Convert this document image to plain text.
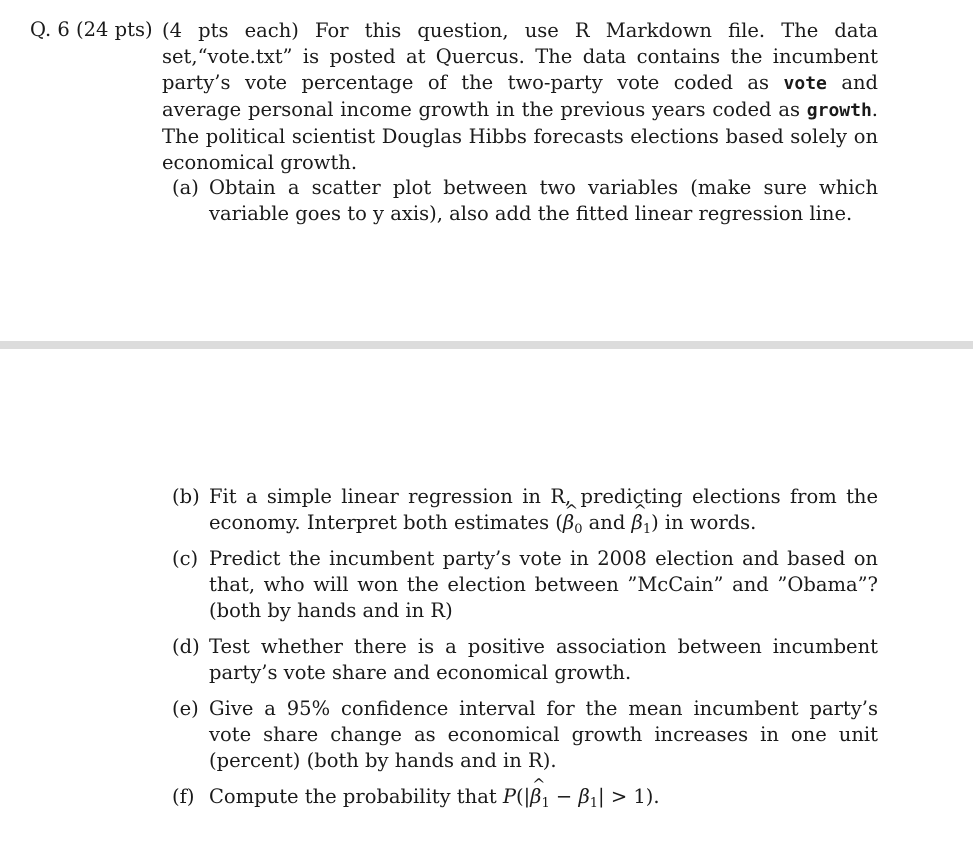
Q. 6 (24 pts) (4 pts each) For this question, use R Markdown file. The data set,“vote.txt” is posted at Quercus. The data contains the incumbent party’s vote percentage of the two-party vote coded as vote and average personal income growth in the previous years coded as growth. The political scientist Douglas Hibbs forecasts elections based solely on economical growth.
(a) Obtain a scatter plot between two variables (make sure which variable goes to y axis), also add the fitted linear regression line.
(b) Fit a simple linear regression in R, predicting elections from the economy. Interpret both estimates (^ $\beta_0$ and ^ $\beta_1$) in words.
(c) Predict the incumbent party’s vote in 2008 election and based on that, who will won the election between ”McCain” and ”Obama”? (both by hands and in R)
(d) Test whether there is a positive association between incumbent party’s vote share and economical growth.
(e) Give a 95% confidence interval for the mean incumbent party’s vote share change as economical growth increases in one unit (percent) (both by hands and in R).
(f) Compute the probability that P(|^ $\beta_1 - \beta_1| > 1$).
